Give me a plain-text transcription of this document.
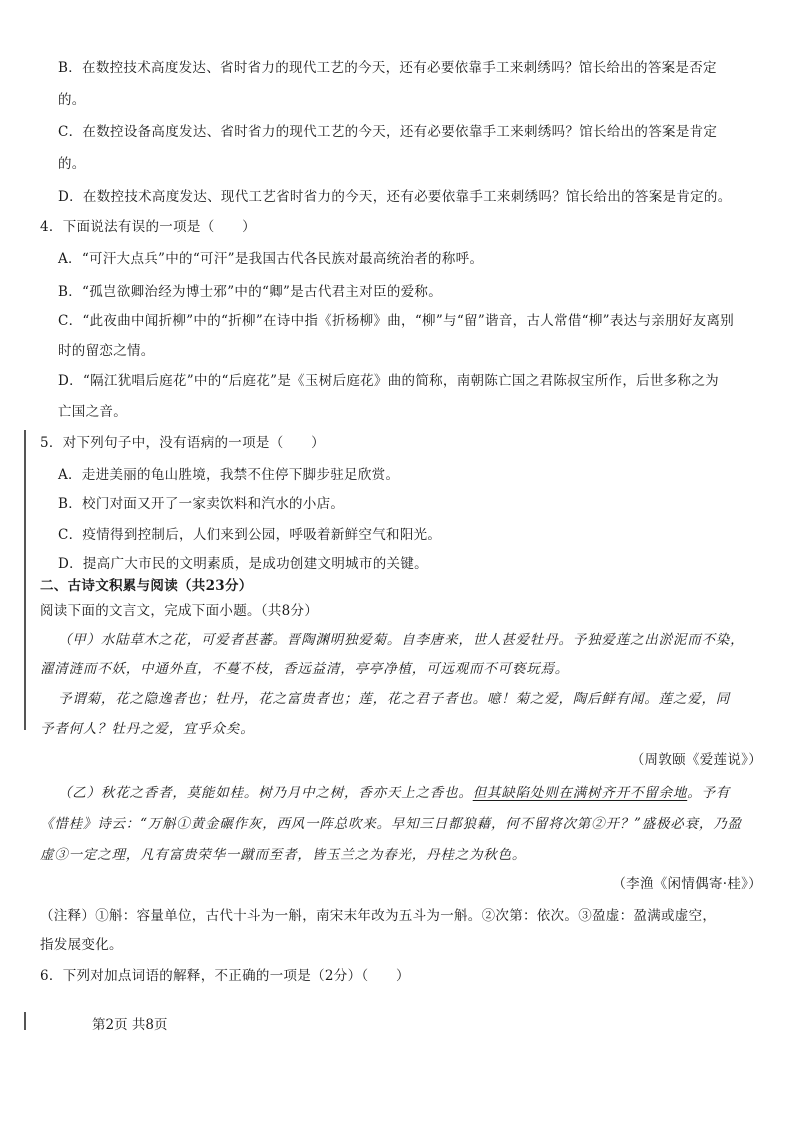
B．在数控技术高度发达、省时省力的现代工艺的今天，还有必要依靠手工来刺绣吗？馆长给出的答案是否定
的。
C．在数控设备高度发达、省时省力的现代工艺的今天，还有必要依靠手工来刺绣吗？馆长给出的答案是肯定
的。
D．在数控技术高度发达、现代工艺省时省力的今天，还有必要依靠手工来刺绣吗？馆长给出的答案是肯定的。
4．下面说法有误的一项是（　　）
A．“可汗大点兵”中的“可汗”是我国古代各民族对最高统治者的称呼。
B．“孤岂欲卿治经为博士邪”中的“卿”是古代君主对臣的爱称。
C．“此夜曲中闻折柳”中的“折柳”在诗中指《折杨柳》曲，“柳”与“留”谐音，古人常借“柳”表达与亲朋好友离别
时的留恋之情。
D．“隔江犹唱后庭花”中的“后庭花”是《玉树后庭花》曲的简称，南朝陈亡国之君陈叔宝所作，后世多称之为
亡国之音。
5．对下列句子中，没有语病的一项是（　　）
A．走进美丽的龟山胜境，我禁不住停下脚步驻足欣赏。
B．校门对面又开了一家卖饮料和汽水的小店。
C．疫情得到控制后，人们来到公园，呼吸着新鲜空气和阳光。
D．提高广大市民的文明素质，是成功创建文明城市的关键。
二、古诗文积累与阅读（共23分）
阅读下面的文言文，完成下面小题。（共8分）
（甲）水陆草木之花，可爱者甚蕃。晋陶渊明独爱菊。自李唐来，世人甚爱牡丹。予独爱莲之出淤泥而不染，
濯清涟而不妖，中通外直，不蔓不枝，香远益清，亭亭净植，可远观而不可亵玩焉。
予谓菊，花之隐逸者也；牡丹，花之富贵者也；莲，花之君子者也。噫！菊之爱，陶后鲜有闻。莲之爱，同
予者何人？牡丹之爱，宜乎众矣。
（周敦颐《爱莲说》）
（乙）秋花之香者，莫能如桂。树乃月中之树，香亦天上之香也。但其缺陷处则在满树齐开不留余地。予有
《惜桂》诗云：“万斛①黄金碾作灰，西风一阵总吹来。早知三日都狼藉，何不留将次第②开？”盛极必衰，乃盈
虚③一定之理，凡有富贵荣华一蹴而至者，皆玉兰之为春光，丹桂之为秋色。
（李渔《闲情偶寄·桂》）
（注释）①斛：容量单位，古代十斗为一斛，南宋末年改为五斗为一斛。②次第：依次。③盈虚：盈满或虚空，
指发展变化。
6．下列对加点词语的解释，不正确的一项是（2分）（　　）
第2页 共8页
